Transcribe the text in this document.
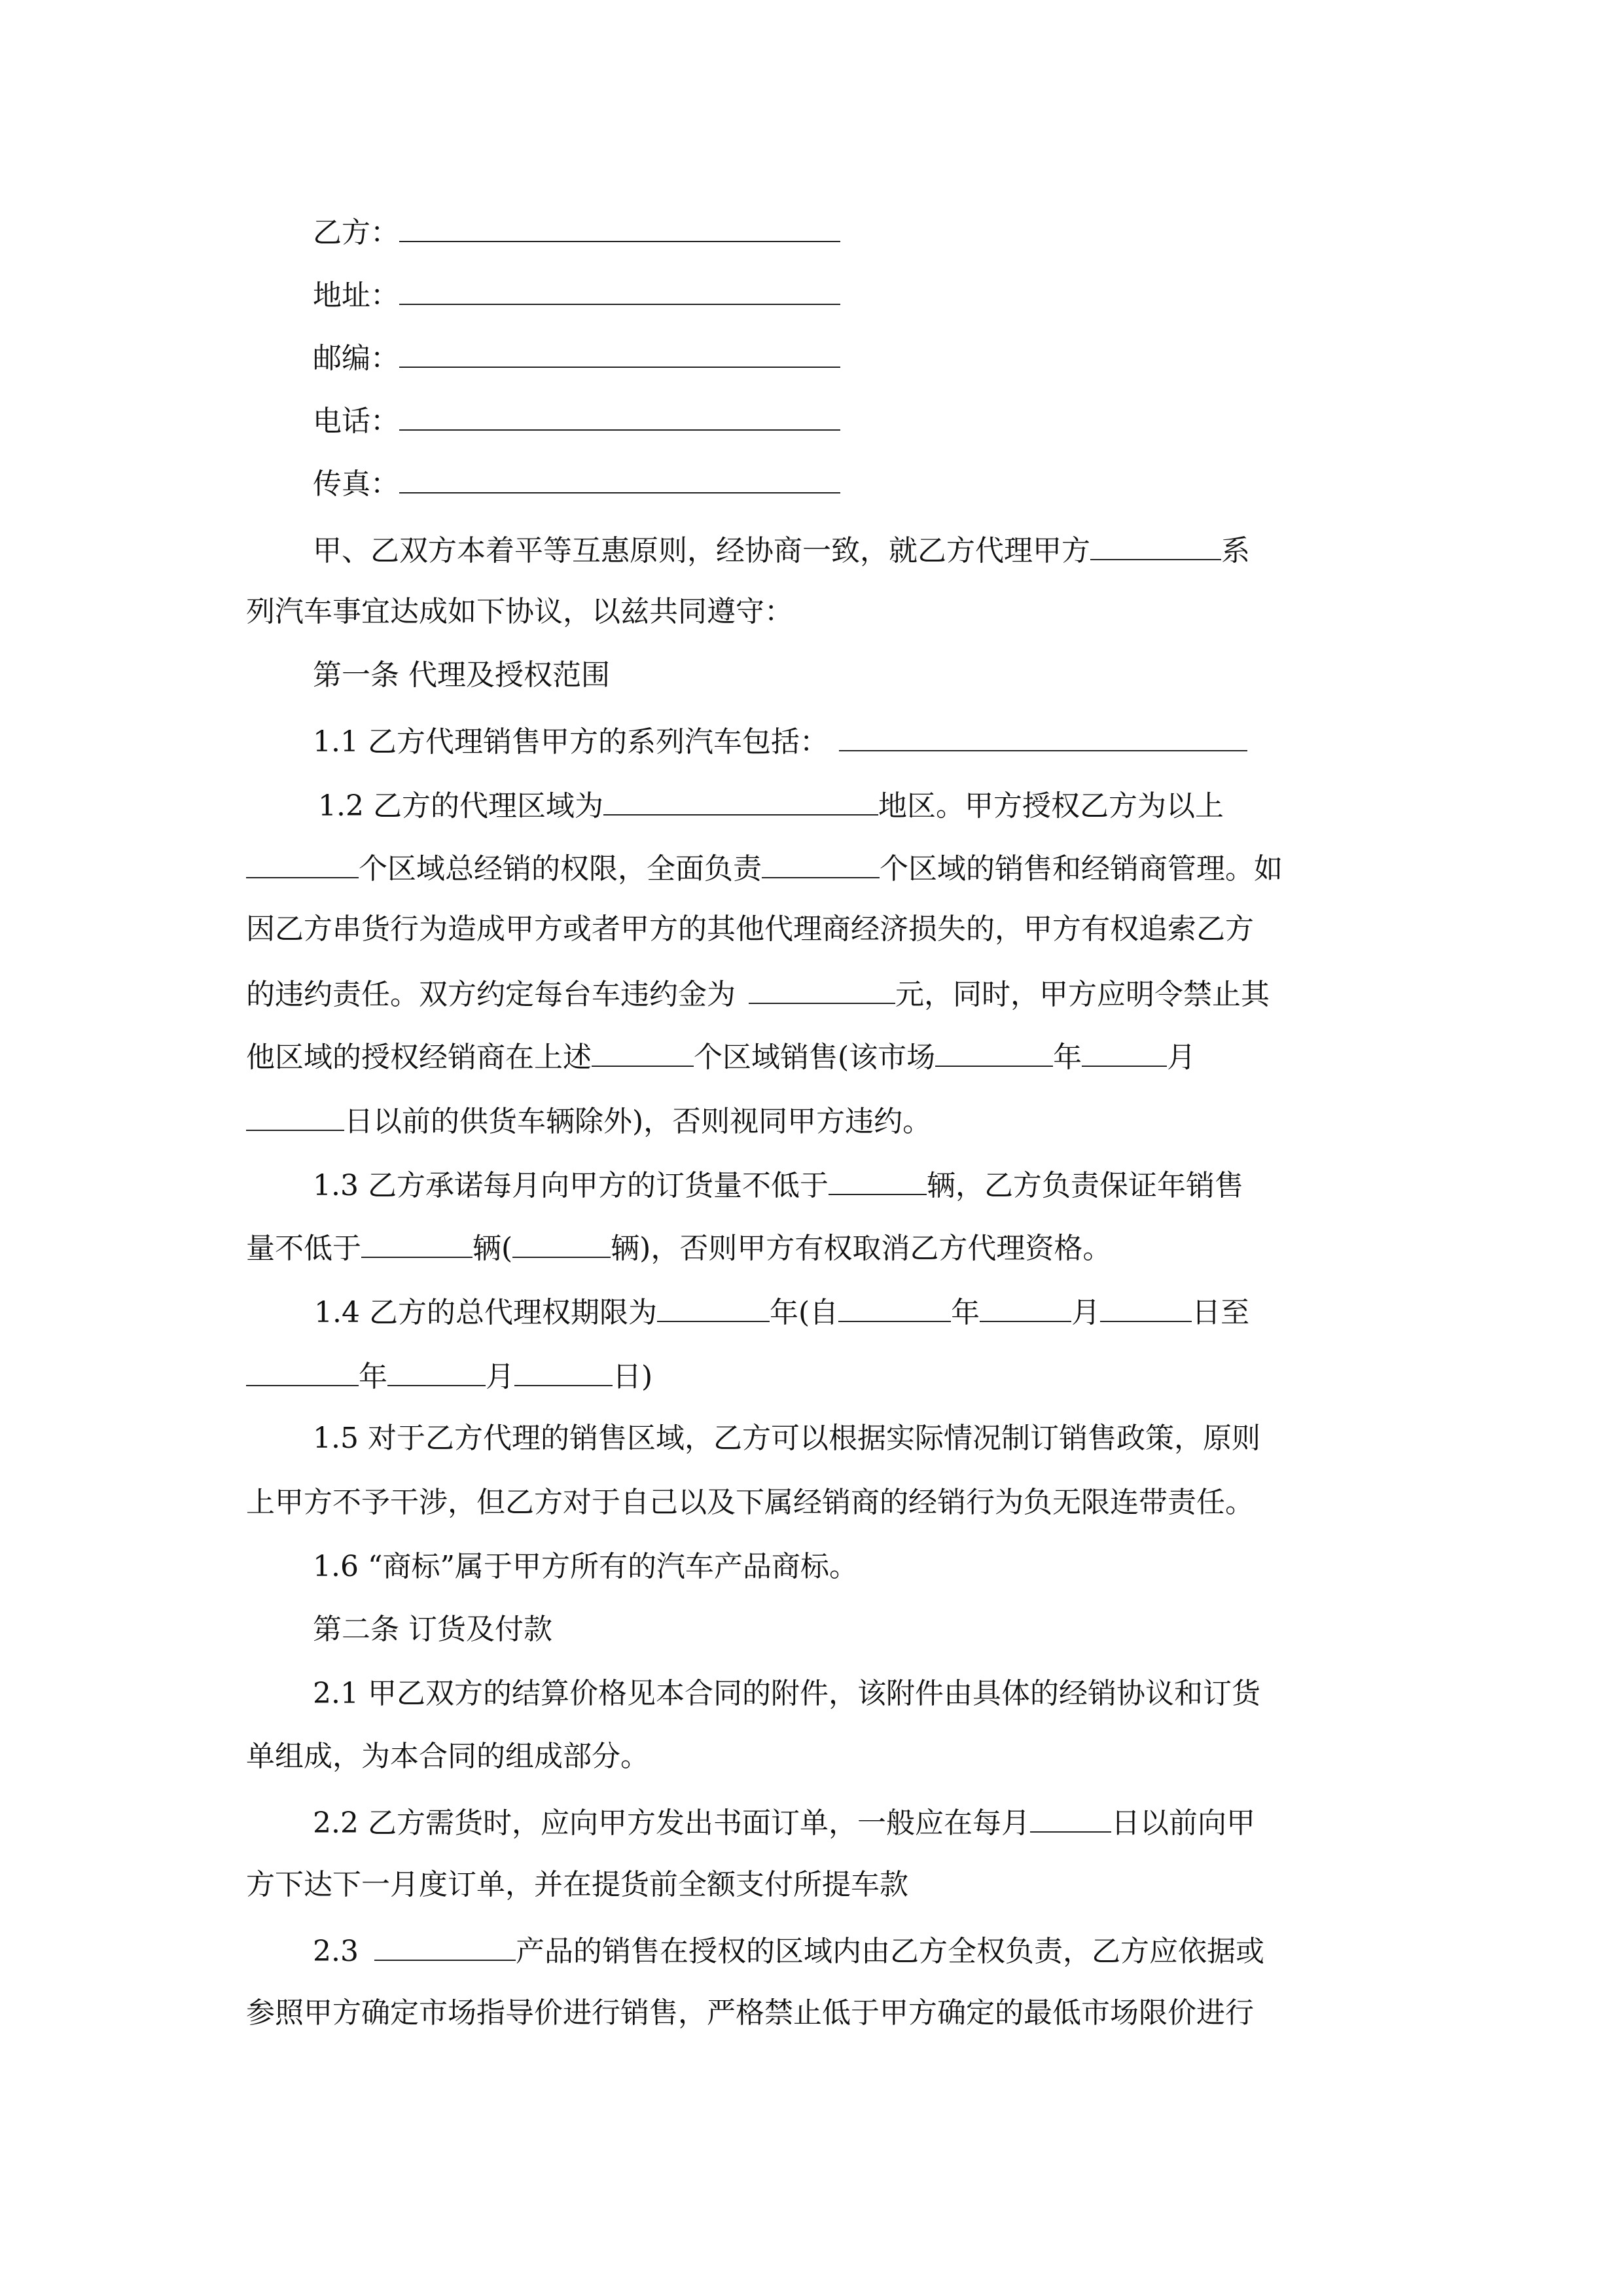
乙方：
地址：
邮编：
电话：
传真：
甲、乙双方本着平等互惠原则，经协商一致，就乙方代理甲方	系
列汽车事宜达成如下协议，以兹共同遵守：
第一条 代理及授权范围
1.1 乙方代理销售甲方的系列汽车包括：
1.2 乙方的代理区域为	地区。甲方授权乙方为以上
个区域总经销的权限，全面负责	个区域的销售和经销商管理。如
因乙方串货行为造成甲方或者甲方的其他代理商经济损失的，甲方有权追索乙方
的违约责任。双方约定每台车违约金为	元，同时，甲方应明令禁止其
他区域的授权经销商在上述	个区域销售(该市场	年	月
日以前的供货车辆除外)，否则视同甲方违约。
1.3 乙方承诺每月向甲方的订货量不低于	辆，乙方负责保证年销售
量不低于	辆(	辆)，否则甲方有权取消乙方代理资格。
1.4 乙方的总代理权期限为	年(自	年	月	日至
年	月	日)
1.5 对于乙方代理的销售区域，乙方可以根据实际情况制订销售政策，原则
上甲方不予干涉，但乙方对于自己以及下属经销商的经销行为负无限连带责任。
1.6 “商标”属于甲方所有的汽车产品商标。
第二条 订货及付款
2.1 甲乙双方的结算价格见本合同的附件，该附件由具体的经销协议和订货
单组成，为本合同的组成部分。
2.2 乙方需货时，应向甲方发出书面订单，一般应在每月	日以前向甲
方下达下一月度订单，并在提货前全额支付所提车款
2.3	产品的销售在授权的区域内由乙方全权负责，乙方应依据或
参照甲方确定市场指导价进行销售，严格禁止低于甲方确定的最低市场限价进行
